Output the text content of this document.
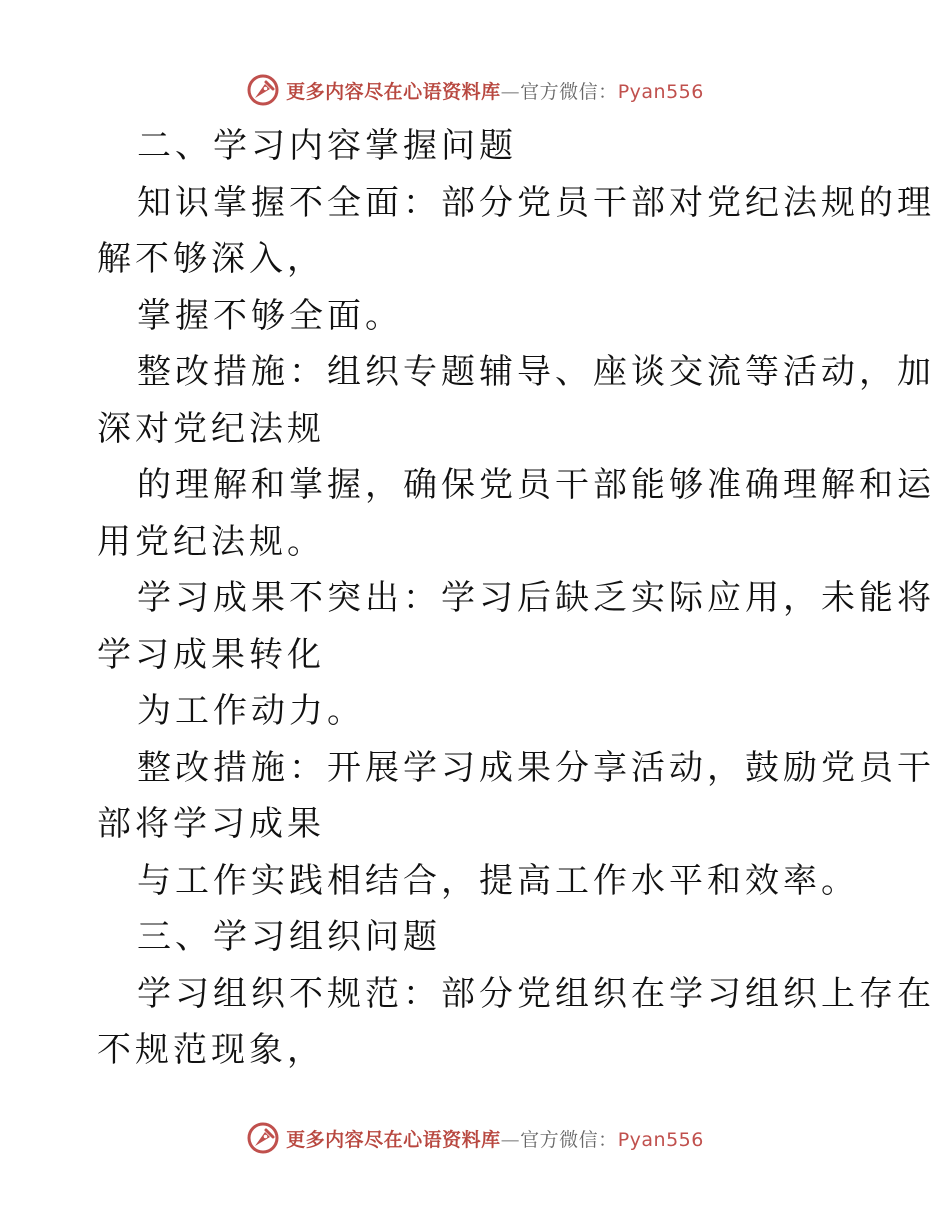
更多内容尽在心语资料库—官方微信：Pyan556
二、学习内容掌握问题
知识掌握不全面：部分党员干部对党纪法规的理
解不够深入，
掌握不够全面。
整改措施：组织专题辅导、座谈交流等活动，加
深对党纪法规
的理解和掌握，确保党员干部能够准确理解和运
用党纪法规。
学习成果不突出：学习后缺乏实际应用，未能将
学习成果转化
为工作动力。
整改措施：开展学习成果分享活动，鼓励党员干
部将学习成果
与工作实践相结合，提高工作水平和效率。
三、学习组织问题
学习组织不规范：部分党组织在学习组织上存在
不规范现象，
更多内容尽在心语资料库—官方微信：Pyan556
